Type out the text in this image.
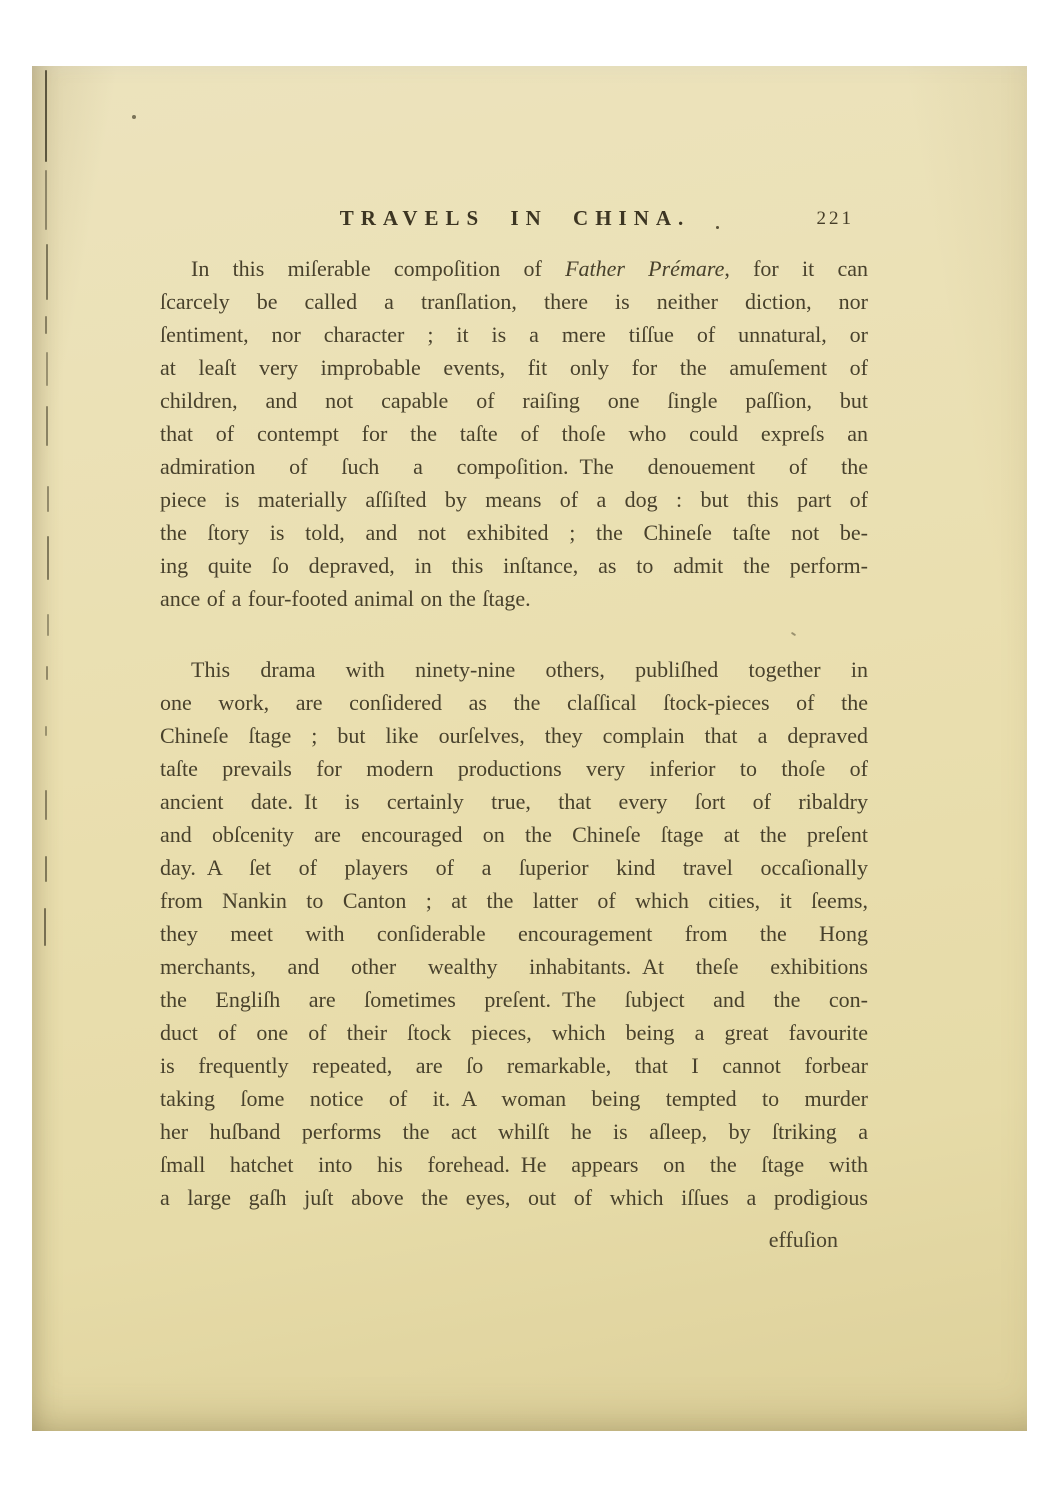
TRAVELS IN CHINA.	221
In this miſerable compoſition of Father Prémare, for it can
ſcarcely be called a tranſlation, there is neither diction, nor
ſentiment, nor character ; it is a mere tiſſue of unnatural, or
at leaſt very improbable events, fit only for the amuſement of
children, and not capable of raiſing one ſingle paſſion, but
that of contempt for the taſte of thoſe who could expreſs an
admiration of ſuch a compoſition. The denouement of the
piece is materially aſſiſted by means of a dog : but this part of
the ſtory is told, and not exhibited ; the Chineſe taſte not be-
ing quite ſo depraved, in this inſtance, as to admit the perform-
ance of a four-footed animal on the ſtage.
This drama with ninety-nine others, publiſhed together in
one work, are conſidered as the claſſical ſtock-pieces of the
Chineſe ſtage ; but like ourſelves, they complain that a depraved
taſte prevails for modern productions very inferior to thoſe of
ancient date. It is certainly true, that every ſort of ribaldry
and obſcenity are encouraged on the Chineſe ſtage at the preſent
day. A ſet of players of a ſuperior kind travel occaſionally
from Nankin to Canton ; at the latter of which cities, it ſeems,
they meet with conſiderable encouragement from the Hong
merchants, and other wealthy inhabitants. At theſe exhibitions
the Engliſh are ſometimes preſent. The ſubject and the con-
duct of one of their ſtock pieces, which being a great favourite
is frequently repeated, are ſo remarkable, that I cannot forbear
taking ſome notice of it. A woman being tempted to murder
her huſband performs the act whilſt he is aſleep, by ſtriking a
ſmall hatchet into his forehead. He appears on the ſtage with
a large gaſh juſt above the eyes, out of which iſſues a prodigious
effuſion
